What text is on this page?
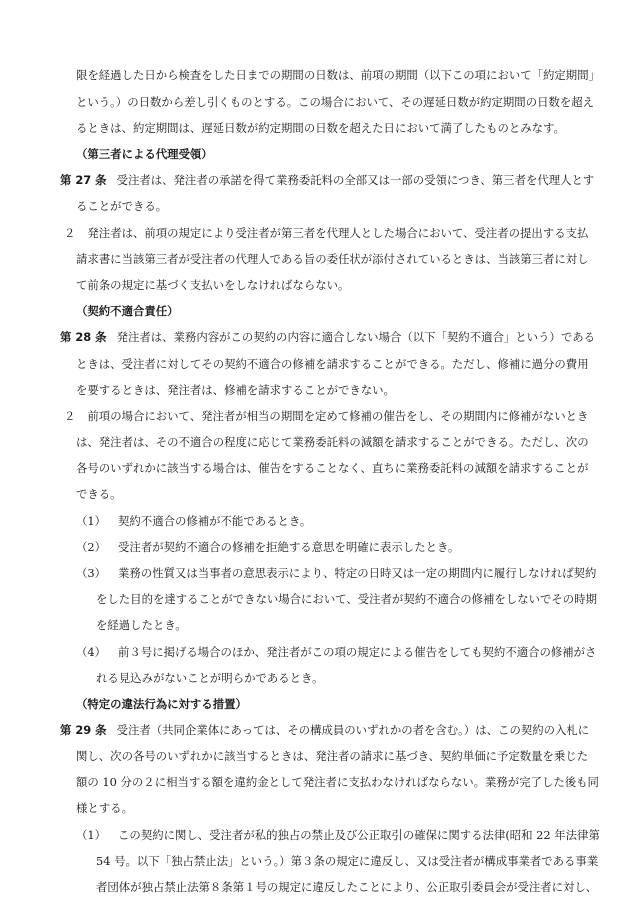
限を経過した日から検査をした日までの期間の日数は、前項の期間（以下この項において「約定期間」
という。）の日数から差し引くものとする。この場合において、その遅延日数が約定期間の日数を超え
るときは、約定期間は、遅延日数が約定期間の日数を超えた日において満了したものとみなす。
（第三者による代理受領）
第 27 条 受注者は、発注者の承諾を得て業務委託料の全部又は一部の受領につき、第三者を代理人とす
ることができる。
２ 発注者は、前項の規定により受注者が第三者を代理人とした場合において、受注者の提出する支払
請求書に当該第三者が受注者の代理人である旨の委任状が添付されているときは、当該第三者に対し
て前条の規定に基づく支払いをしなければならない。
（契約不適合責任）
第 28 条 発注者は、業務内容がこの契約の内容に適合しない場合（以下「契約不適合」という）である
ときは、受注者に対してその契約不適合の修補を請求することができる。ただし、修補に過分の費用
を要するときは、発注者は、修補を請求することができない。
２ 前項の場合において、発注者が相当の期間を定めて修補の催告をし、その期間内に修補がないとき
は、発注者は、その不適合の程度に応じて業務委託料の減額を請求することができる。ただし、次の
各号のいずれかに該当する場合は、催告をすることなく、直ちに業務委託料の減額を請求することが
できる。
（1） 契約不適合の修補が不能であるとき。
（2） 受注者が契約不適合の修補を拒絶する意思を明確に表示したとき。
（3） 業務の性質又は当事者の意思表示により、特定の日時又は一定の期間内に履行しなければ契約
をした目的を達することができない場合において、受注者が契約不適合の修補をしないでその時期
を経過したとき。
（4） 前３号に掲げる場合のほか、発注者がこの項の規定による催告をしても契約不適合の修補がさ
れる見込みがないことが明らかであるとき。
（特定の違法行為に対する措置）
第 29 条 受注者（共同企業体にあっては、その構成員のいずれかの者を含む。）は、この契約の入札に
関し、次の各号のいずれかに該当するときは、発注者の請求に基づき、契約単価に予定数量を乗じた
額の 10 分の２に相当する額を違約金として発注者に支払わなければならない。業務が完了した後も同
様とする。
（1） この契約に関し、受注者が私的独占の禁止及び公正取引の確保に関する法律(昭和 22 年法律第
54 号。以下「独占禁止法」という。）第３条の規定に違反し、又は受注者が構成事業者である事業
者団体が独占禁止法第８条第１号の規定に違反したことにより、公正取引委員会が受注者に対し、
